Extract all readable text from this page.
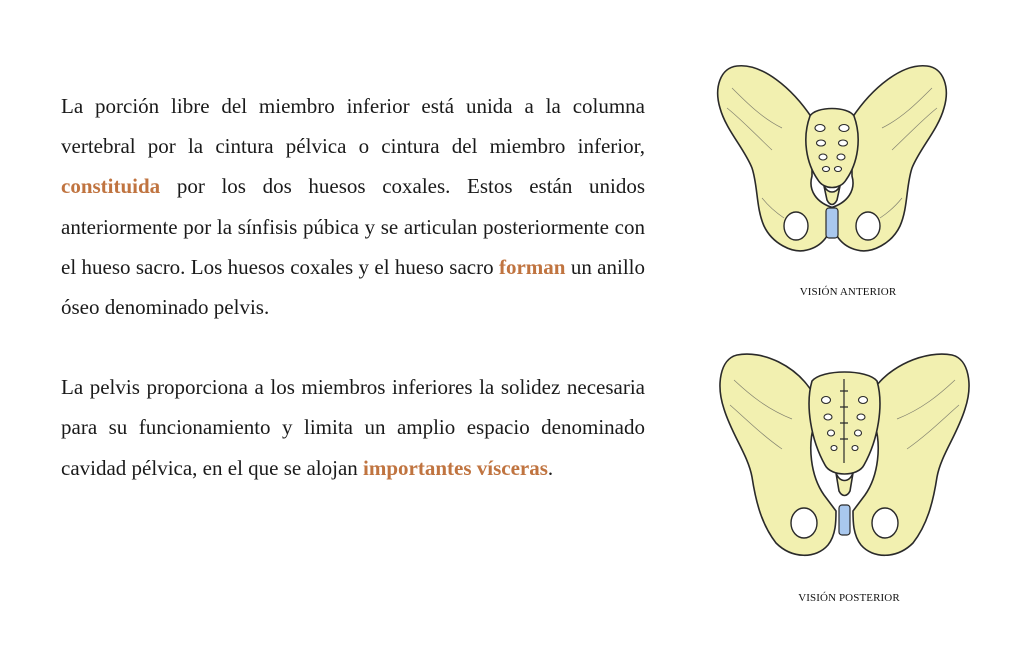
La porción libre del miembro inferior está unida a la columna vertebral por la cintura pélvica o cintura del miembro inferior, constituida por los dos huesos coxales. Estos están unidos anteriormente por la sínfisis púbica y se articulan posteriormente con el hueso sacro. Los huesos coxales y el hueso sacro forman un anillo óseo denominado pelvis.

La pelvis proporciona a los miembros inferiores la solidez necesaria para su funcionamiento y limita un amplio espacio denominado cavidad pélvica, en el que se alojan importantes vísceras.

VISIÓN ANTERIOR
VISIÓN POSTERIOR
